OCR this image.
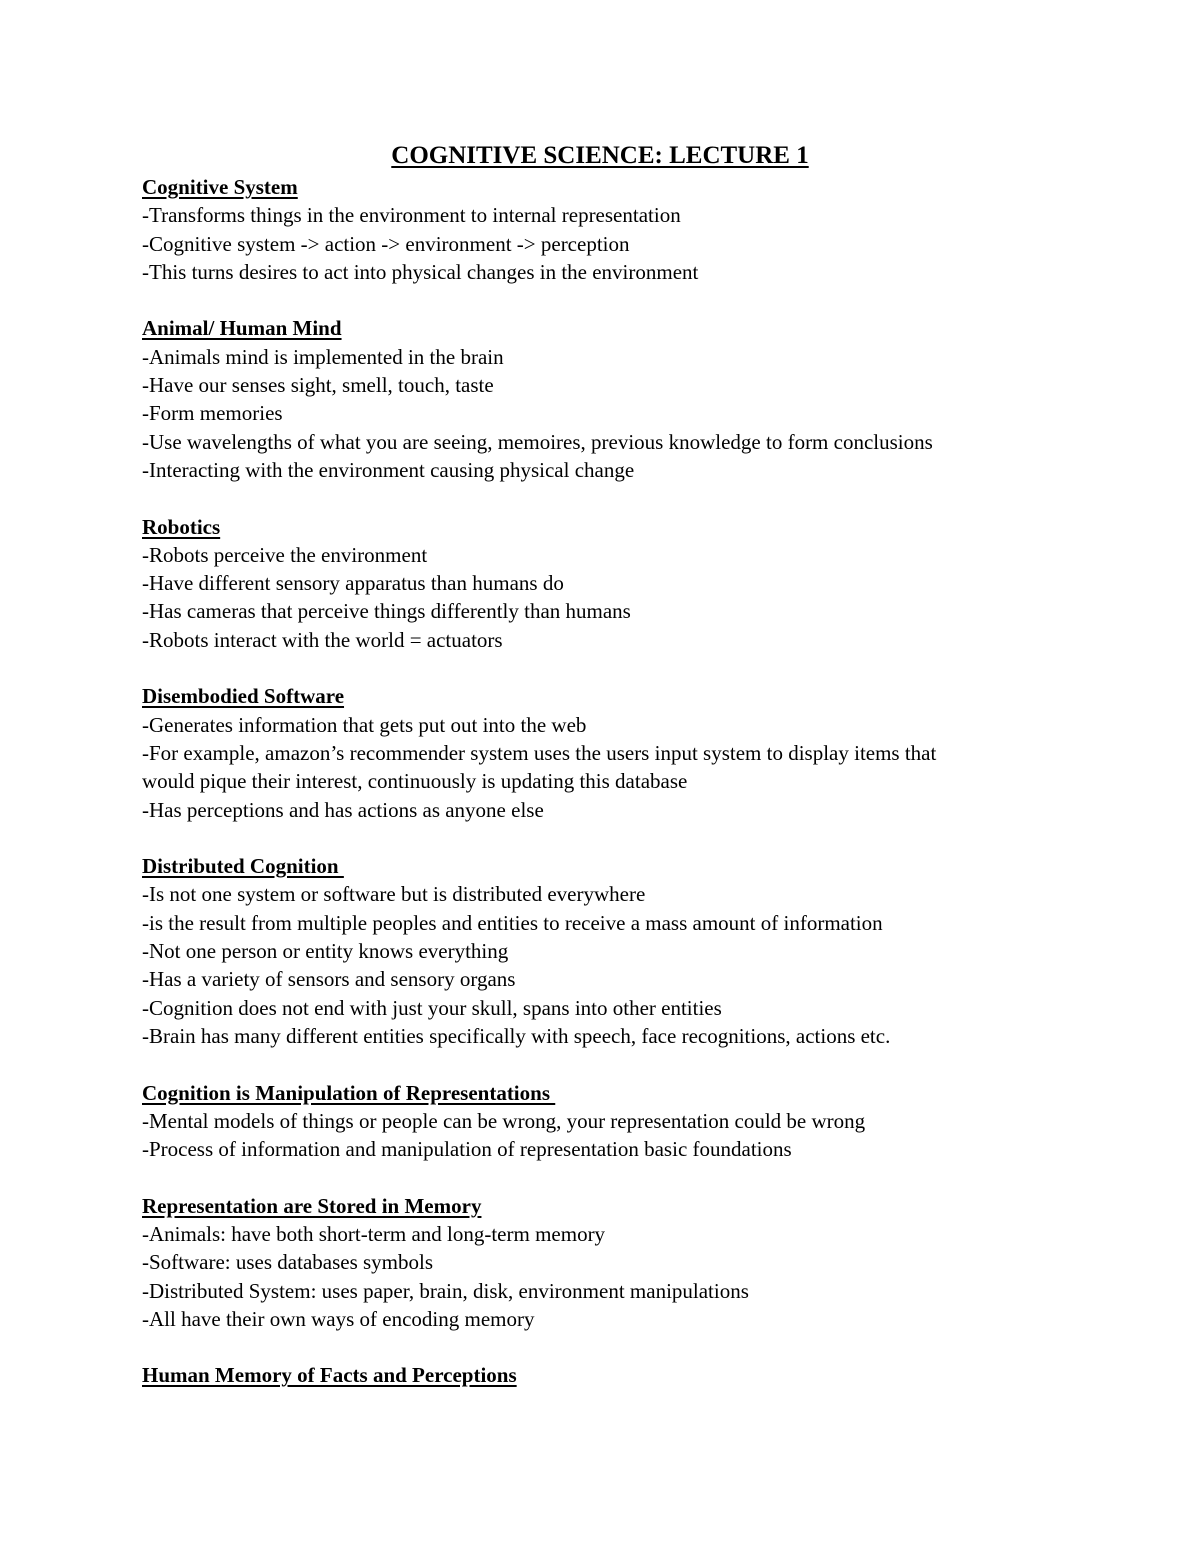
COGNITIVE SCIENCE: LECTURE 1

Cognitive System

-Transforms things in the environment to internal representation

-Cognitive system -> action -> environment -> perception

-This turns desires to act into physical changes in the environment

Animal/ Human Mind

-Animals mind is implemented in the brain

-Have our senses sight, smell, touch, taste

-Form memories

-Use wavelengths of what you are seeing, memoires, previous knowledge to form conclusions

-Interacting with the environment causing physical change

Robotics

-Robots perceive the environment

-Have different sensory apparatus than humans do

-Has cameras that perceive things differently than humans

-Robots interact with the world = actuators

Disembodied Software

-Generates information that gets put out into the web

-For example, amazon’s recommender system uses the users input system to display items that

would pique their interest, continuously is updating this database

-Has perceptions and has actions as anyone else

Distributed Cognition

-Is not one system or software but is distributed everywhere

-is the result from multiple peoples and entities to receive a mass amount of information

-Not one person or entity knows everything

-Has a variety of sensors and sensory organs

-Cognition does not end with just your skull, spans into other entities

-Brain has many different entities specifically with speech, face recognitions, actions etc.

Cognition is Manipulation of Representations

-Mental models of things or people can be wrong, your representation could be wrong

-Process of information and manipulation of representation basic foundations

Representation are Stored in Memory

-Animals: have both short-term and long-term memory

-Software: uses databases symbols

-Distributed System: uses paper, brain, disk, environment manipulations

-All have their own ways of encoding memory

Human Memory of Facts and Perceptions
